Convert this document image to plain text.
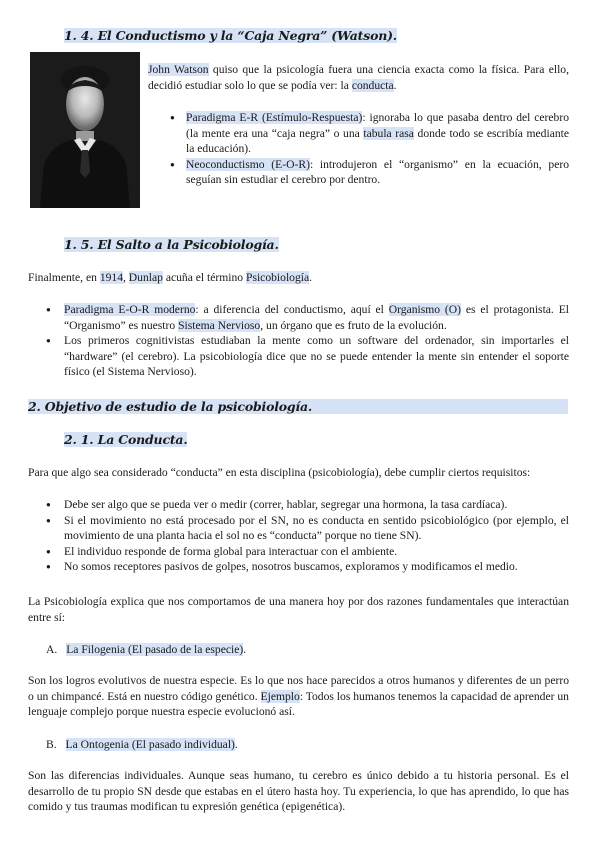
1. 4. El Conductismo y la “Caja Negra” (Watson).
John Watson quiso que la psicología fuera una ciencia exacta como la física. Para ello, decidió estudiar solo lo que se podía ver: la conducta.
● Paradigma E-R (Estímulo-Respuesta): ignoraba lo que pasaba dentro del cerebro (la mente era una “caja negra” o una tabula rasa donde todo se escribía mediante la educación).
● Neoconductismo (E-O-R): introdujeron el “organismo” en la ecuación, pero seguían sin estudiar el cerebro por dentro.
1. 5. El Salto a la Psicobiología.
Finalmente, en 1914, Dunlap acuña el término Psicobiología.
● Paradigma E-O-R moderno: a diferencia del conductismo, aquí el Organismo (O) es el protagonista. El “Organismo” es nuestro Sistema Nervioso, un órgano que es fruto de la evolución.
● Los primeros cognitivistas estudiaban la mente como un software del ordenador, sin importarles el “hardware” (el cerebro). La psicobiología dice que no se puede entender la mente sin entender el soporte físico (el Sistema Nervioso).
2. Objetivo de estudio de la psicobiología.
2. 1. La Conducta.
Para que algo sea considerado “conducta” en esta disciplina (psicobiología), debe cumplir ciertos requisitos:
● Debe ser algo que se pueda ver o medir (correr, hablar, segregar una hormona, la tasa cardíaca).
● Si el movimiento no está procesado por el SN, no es conducta en sentido psicobiológico (por ejemplo, el movimiento de una planta hacia el sol no es “conducta” porque no tiene SN).
● El individuo responde de forma global para interactuar con el ambiente.
● No somos receptores pasivos de golpes, nosotros buscamos, exploramos y modificamos el medio.
La Psicobiología explica que nos comportamos de una manera hoy por dos razones fundamentales que interactúan entre sí:
A. La Filogenia (El pasado de la especie).
Son los logros evolutivos de nuestra especie. Es lo que nos hace parecidos a otros humanos y diferentes de un perro o un chimpancé. Está en nuestro código genético. Ejemplo: Todos los humanos tenemos la capacidad de aprender un lenguaje complejo porque nuestra especie evolucionó así.
B. La Ontogenia (El pasado individual).
Son las diferencias individuales. Aunque seas humano, tu cerebro es único debido a tu historia personal. Es el desarrollo de tu propio SN desde que estabas en el útero hasta hoy. Tu experiencia, lo que has aprendido, lo que has comido y tus traumas modifican tu expresión genética (epigenética).
